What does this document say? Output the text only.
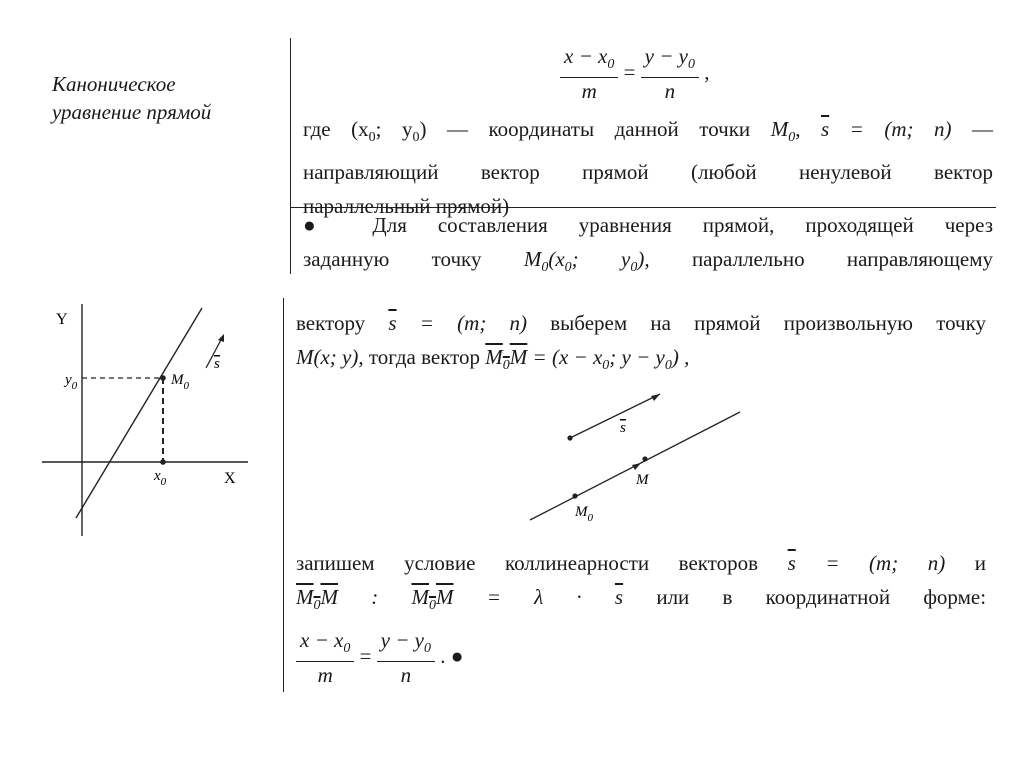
Каноническое
уравнение прямой
$\frac{x - x_0}{m} = \frac{y - y_0}{n}$ ,
где ($x_0$; $y_0$) — координаты данной точки $M_0$, $\overline{s} = (m$; n) —
направляющий вектор прямой (любой ненулевой вектор
параллельный прямой)
● Для составления уравнения прямой, проходящей через
заданную точку $M_0(x_0$; $y_0$), параллельно направляющему
вектору $\overline{s} = (m$; n) выберем на прямой произвольную точку
M(x; y), тогда вектор $M_0M = (x - x_0$; $y - y_0$) ,
запишем условие коллинеарности векторов $\overline{s} = (m$; n) и
$M_0M$ : $M_0M = \lambda \cdot \overline{s}$ или в координатной форме:
$\frac{x - x_0}{m} = \frac{y - y_0}{n}$ . ●
Y
X
$y_0$
$x_0$
$M_0$
s
s
M
$M_0$
